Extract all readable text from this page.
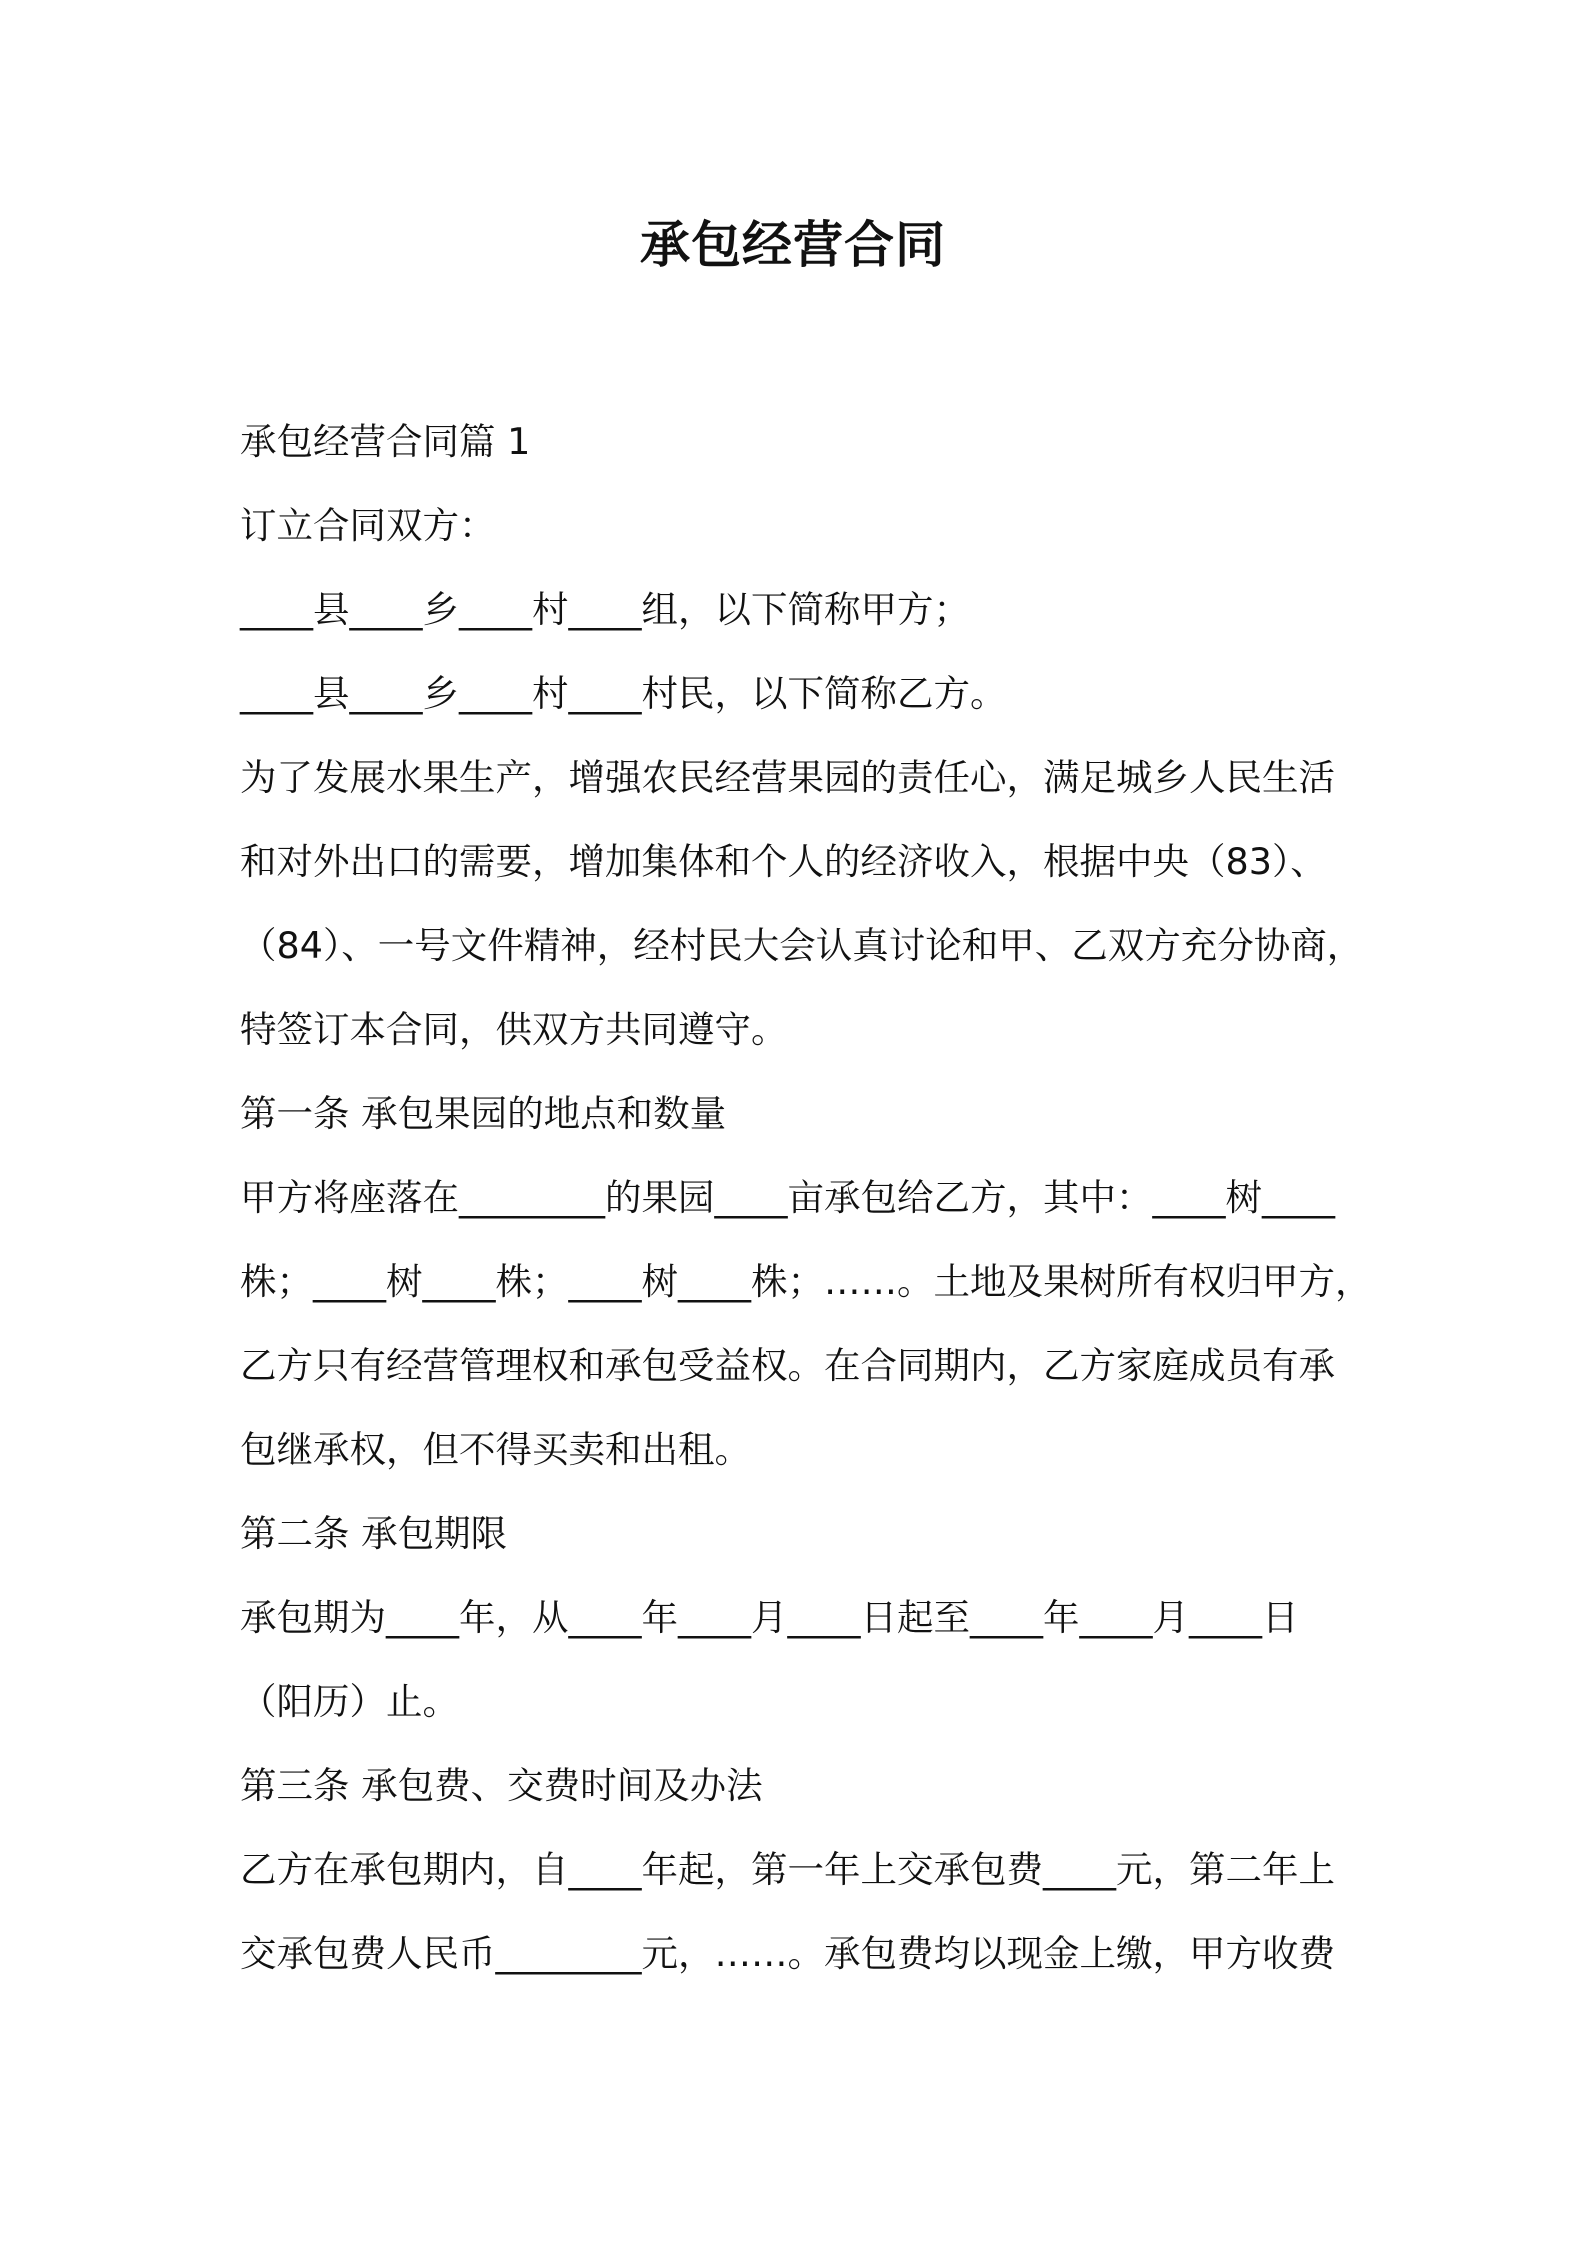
承包经营合同
承包经营合同篇 1
订立合同双方：
____县____乡____村____组，以下简称甲方；
____县____乡____村____村民，以下简称乙方。
为了发展水果生产，增强农民经营果园的责任心，满足城乡人民生活
和对外出口的需要，增加集体和个人的经济收入，根据中央（83）、
（84）、一号文件精神，经村民大会认真讨论和甲、乙双方充分协商，
特签订本合同，供双方共同遵守。
第一条 承包果园的地点和数量
甲方将座落在________的果园____亩承包给乙方，其中：____树____
株；____树____株；____树____株；……。土地及果树所有权归甲方，
乙方只有经营管理权和承包受益权。在合同期内，乙方家庭成员有承
包继承权，但不得买卖和出租。
第二条 承包期限
承包期为____年，从____年____月____日起至____年____月____日
（阳历）止。
第三条 承包费、交费时间及办法
乙方在承包期内，自____年起，第一年上交承包费____元，第二年上
交承包费人民币________元，……。承包费均以现金上缴，甲方收费
